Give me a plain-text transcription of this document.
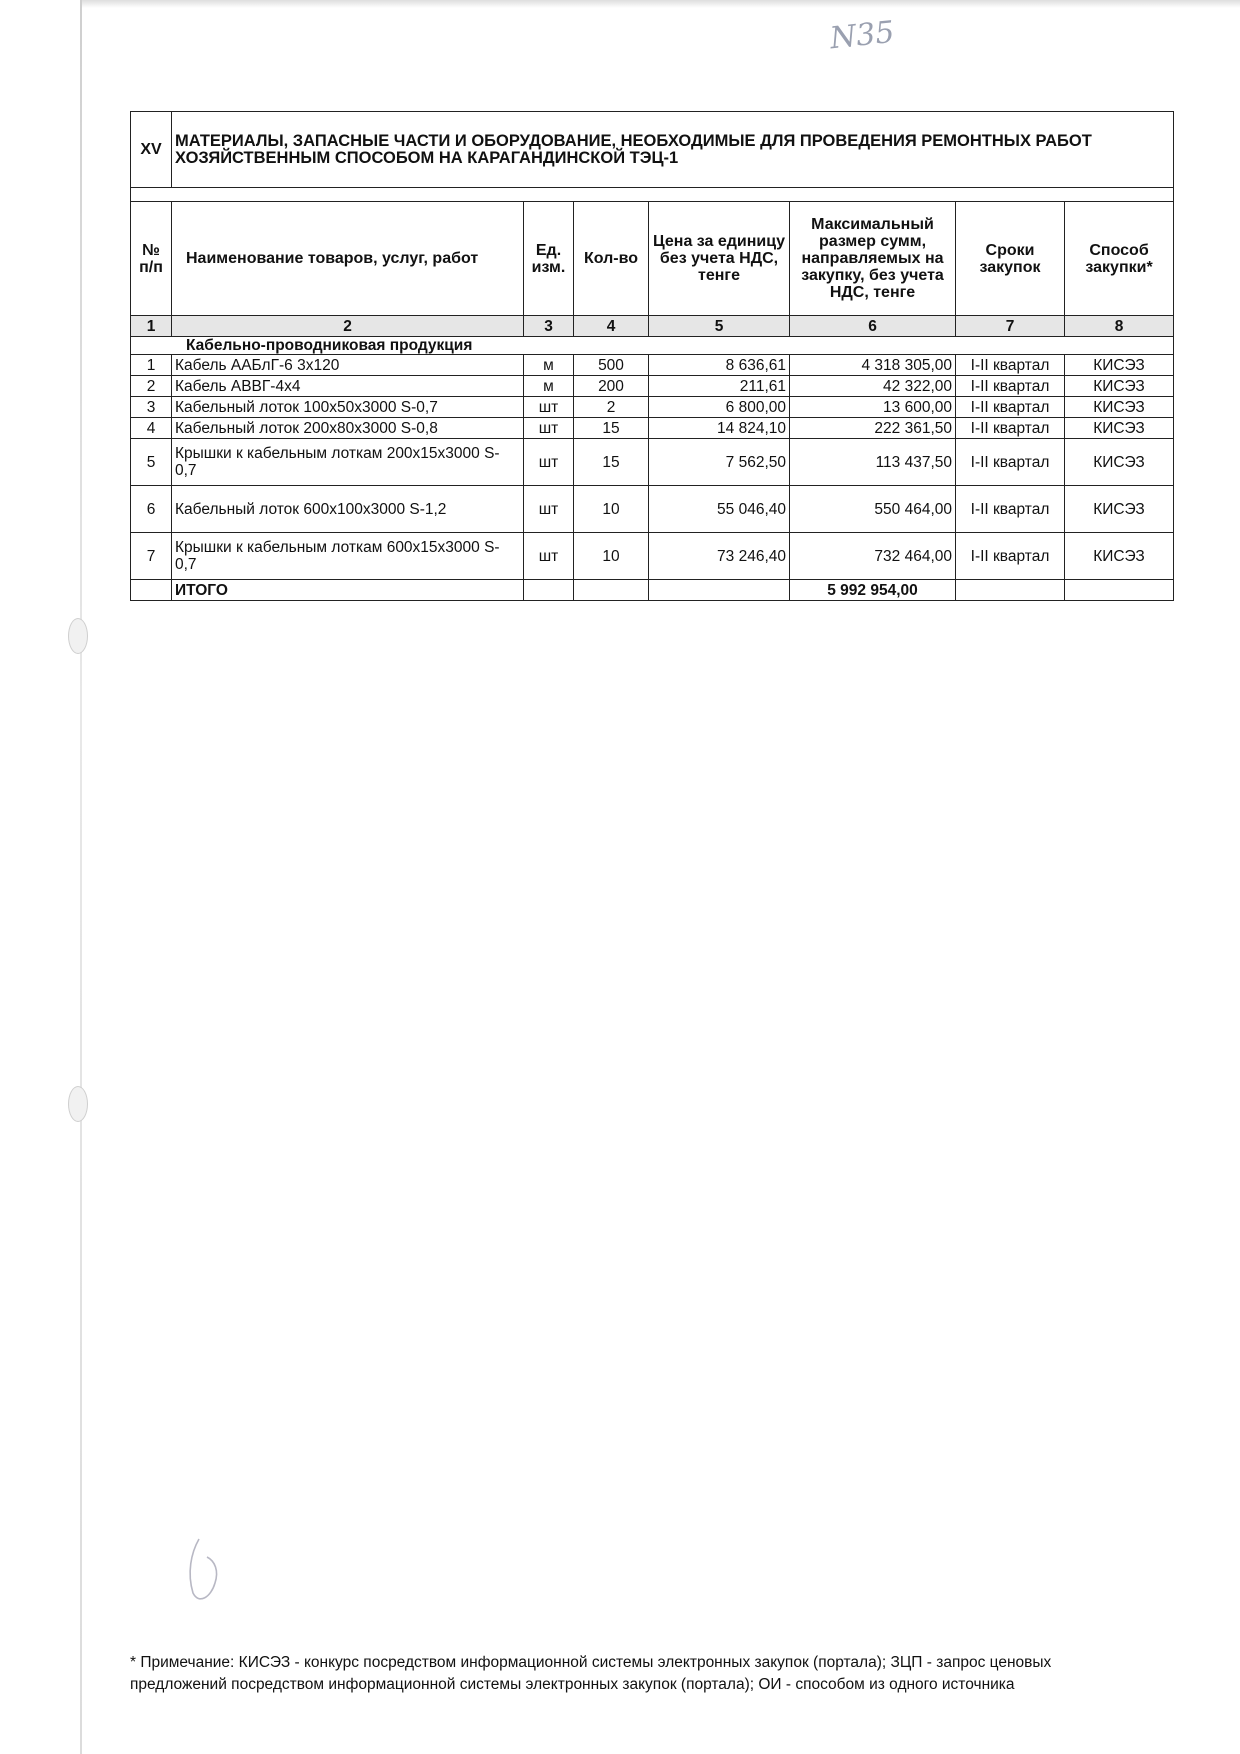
N35
XV	МАТЕРИАЛЫ, ЗАПАСНЫЕ ЧАСТИ И ОБОРУДОВАНИЕ, НЕОБХОДИМЫЕ ДЛЯ ПРОВЕДЕНИЯ РЕМОНТНЫХ РАБОТ ХОЗЯЙСТВЕННЫМ СПОСОБОМ НА КАРАГАНДИНСКОЙ ТЭЦ-1						

№ п/п	Наименование товаров, услуг, работ	Ед. изм.	Кол-во	Цена за единицу без учета НДС, тенге	Максимальный размер сумм, направляемых на закупку, без учета НДС, тенге	Сроки закупок	Способ закупки*
1	2	3	4	5	6	7	8
Кабельно-проводниковая продукция							
1	Кабель ААБлГ-6 3х120	м	500	8 636,61	4 318 305,00	I-II квартал	КИСЭЗ
2	Кабель АВВГ-4х4	м	200	211,61	42 322,00	I-II квартал	КИСЭЗ
3	Кабельный лоток 100х50х3000 S-0,7	шт	2	6 800,00	13 600,00	I-II квартал	КИСЭЗ
4	Кабельный лоток 200х80х3000 S-0,8	шт	15	14 824,10	222 361,50	I-II квартал	КИСЭЗ
5	Крышки к кабельным лоткам 200х15х3000 S-0,7	шт	15	7 562,50	113 437,50	I-II квартал	КИСЭЗ
6	Кабельный лоток 600х100х3000 S-1,2	шт	10	55 046,40	550 464,00	I-II квартал	КИСЭЗ
7	Крышки к кабельным лоткам 600х15х3000 S-0,7	шт	10	73 246,40	732 464,00	I-II квартал	КИСЭЗ
	ИТОГО				5 992 954,00		
* Примечание: КИСЭЗ - конкурс посредством информационной системы электронных закупок (портала); ЗЦП - запрос ценовых предложений посредством информационной системы электронных закупок (портала); ОИ - способом из одного источника
